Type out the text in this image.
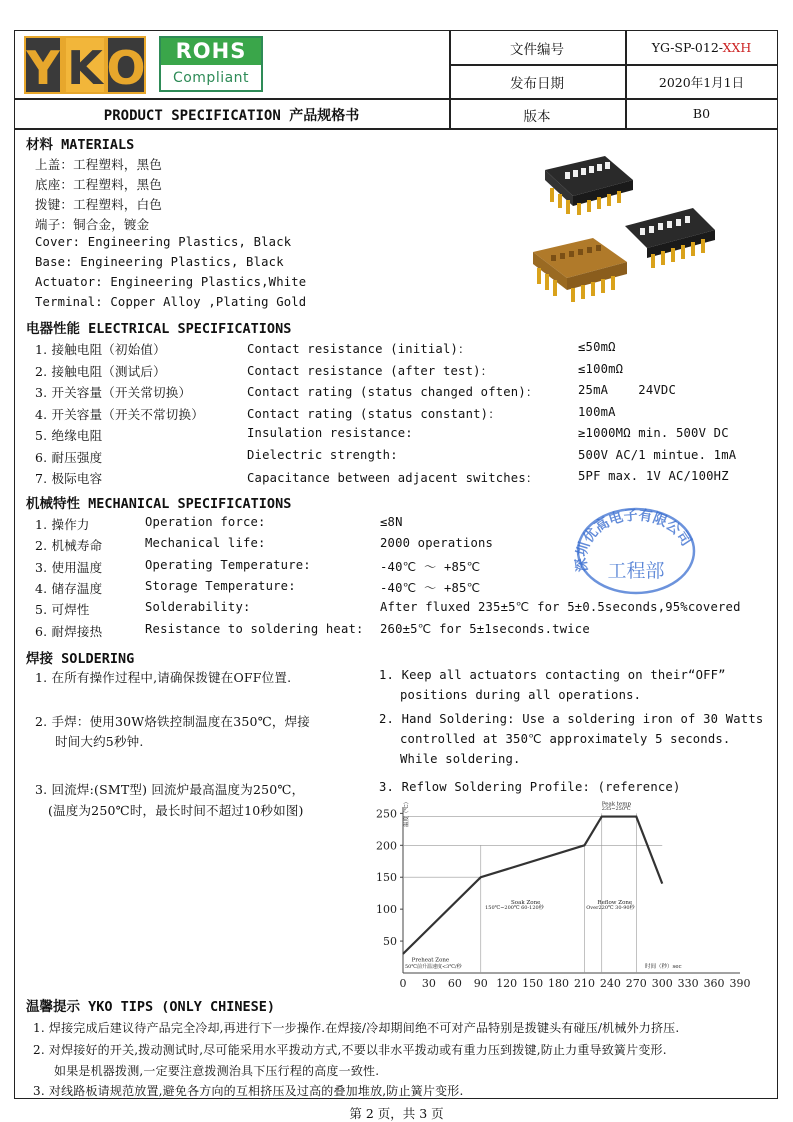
Y K O	ROHS
Compliant
文件编号	YG-SP-012-XXH
发布日期	2020年1月1日
PRODUCT SPECIFICATION 产品规格书	版本	B0
材料 MATERIALS
上盖：工程塑料，黑色
底座：工程塑料，黑色
拨键：工程塑料，白色
端子：铜合金，镀金
Cover: Engineering Plastics, Black
Base: Engineering Plastics, Black
Actuator: Engineering Plastics,White
Terminal: Copper Alloy ,Plating Gold
电器性能 ELECTRICAL SPECIFICATIONS
1. 接触电阻（初始值）	Contact resistance (initial)：	≤50mΩ
2. 接触电阻（测试后）	Contact resistance (after test)：	≤100mΩ
3. 开关容量（开关常切换）	Contact rating (status changed often)：	25mA    24VDC
4. 开关容量（开关不常切换）	Contact rating (status constant)：	100mA
5. 绝缘电阻	Insulation resistance:	≥1000MΩ min. 500V DC
6. 耐压强度	Dielectric strength:	500V AC/1 mintue. 1mA
7. 极际电容	Capacitance between adjacent switches：	5PF max. 1V AC/100HZ
机械特性 MECHANICAL SPECIFICATIONS
1. 操作力	Operation force:	≤8N
2. 机械寿命	Mechanical life:	2000 operations
3. 使用温度	Operating Temperature:	-40℃ ～ +85℃
4. 储存温度	Storage Temperature:	-40℃ ～ +85℃
5. 可焊性	Solderability:	After fluxed 235±5℃ for 5±0.5seconds,95%covered
6. 耐焊接热	Resistance to soldering heat: 260±5℃ for 5±1seconds.twice
深圳优高电子有限公司
工程部
焊接 SOLDERING
1. 在所有操作过程中,请确保拨键在OFF位置.
2. 手焊：使用30W烙铁控制温度在350℃，焊接
时间大约5秒钟.
3. 回流焊:(SMT型) 回流炉最高温度为250℃，
(温度为250℃时，最长时间不超过10秒如图)
1. Keep all actuators contacting on their“OFF”
positions during all operations.
2. Hand Soldering: Use a soldering iron of 30 Watts
controlled at 350℃ approximately 5 seconds.
While soldering.
3. Reflow Soldering Profile: (reference)
50
100
150
200
250
0 30 60 90 120 150 180 210 240 270 300 330 360 390
Preheat Zone
50℃前升温速度<3℃/秒
Soak Zone
150℃~200℃ 60-120秒
Reflow Zone
Over220℃ 30-90秒
Peak temp
235~250℃
温度（℃）
时间（秒）sec
温馨提示 YKO TIPS (ONLY CHINESE)
1. 焊接完成后建议待产品完全冷却,再进行下一步操作.在焊接/冷却期间绝不可对产品特别是拨键头有碰压/机械外力挤压.
2. 对焊接好的开关,拨动测试时,尽可能采用水平拨动方式,不要以非水平拨动或有重力压到拨键,防止力重导致簧片变形.
如果是机器拨测,一定要注意拨测治具下压行程的高度一致性.
3. 对线路板请规范放置,避免各方向的互相挤压及过高的叠加堆放,防止簧片变形.
第 2 页，共 3 页
